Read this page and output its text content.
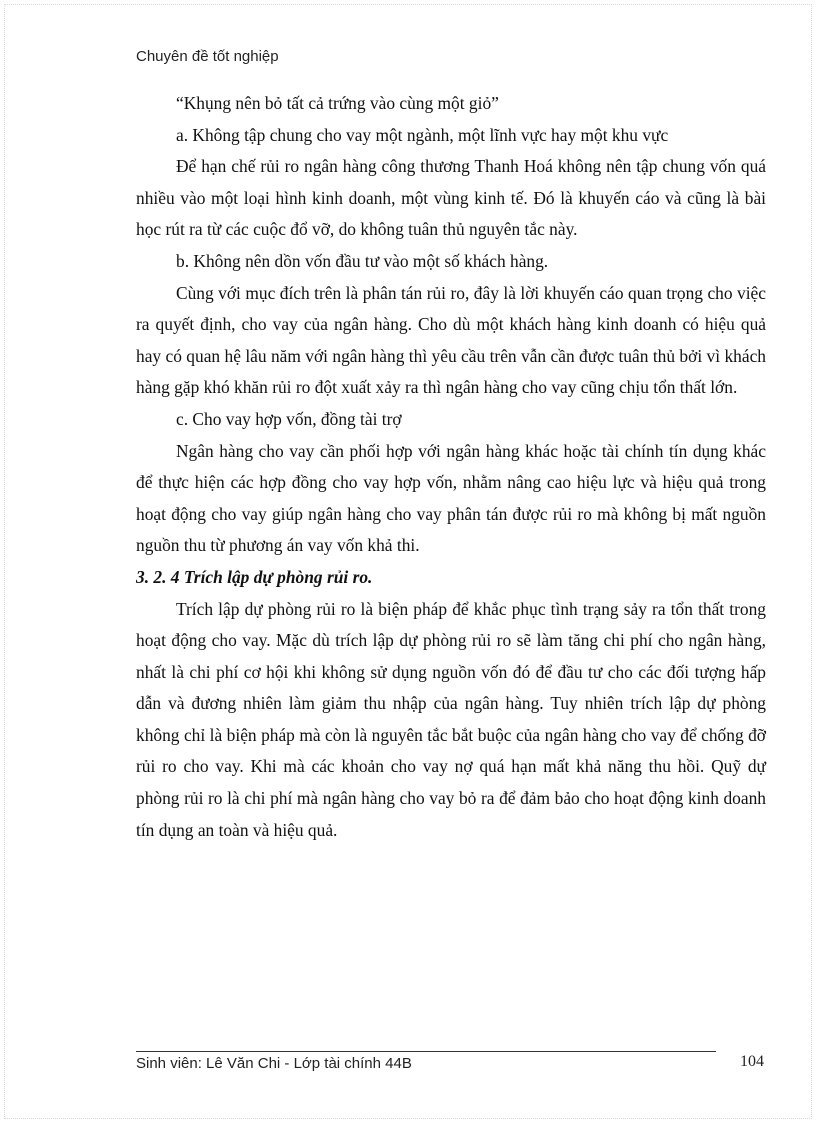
Chuyên đề tốt nghiệp

“Khụng nên bỏ tất cả trứng vào cùng một giỏ”

a. Không tập chung cho vay một ngành, một lĩnh vực hay một khu vực

Để hạn chế rủi ro ngân hàng công thương Thanh Hoá không nên tập chung vốn quá nhiều vào một loại hình kinh doanh, một vùng kinh tế. Đó là khuyến cáo và cũng là bài học rút ra từ các cuộc đổ vỡ, do không tuân thủ nguyên tắc này.

b. Không nên dồn vốn đầu tư vào một số khách hàng.

Cùng với mục đích trên là phân tán rủi ro, đây là lời khuyến cáo quan trọng cho việc ra quyết định, cho vay của ngân hàng. Cho dù một khách hàng kinh doanh có hiệu quả hay có quan hệ lâu năm với ngân hàng thì yêu cầu trên vẫn cần được tuân thủ bởi vì khách hàng gặp khó khăn rủi ro đột xuất xảy ra thì ngân hàng cho vay cũng chịu tổn thất lớn.

c. Cho vay hợp vốn, đồng tài trợ

Ngân hàng cho vay cần phối hợp với ngân hàng khác hoặc tài chính tín dụng khác để thực hiện các hợp đồng cho vay hợp vốn, nhằm nâng cao hiệu lực và hiệu quả trong hoạt động cho vay giúp ngân hàng cho vay phân tán được rủi ro mà không bị mất nguồn nguồn thu từ phương án vay vốn khả thi.

3. 2. 4 Trích lập dự phòng rủi ro.

Trích lập dự phòng rủi ro là biện pháp để khắc phục tình trạng sảy ra tổn thất trong hoạt động cho vay. Mặc dù trích lập dự phòng rủi ro sẽ làm tăng chi phí cho ngân hàng, nhất là chi phí cơ hội khi không sử dụng nguồn vốn đó để đầu tư cho các đối tượng hấp dẫn và đương nhiên làm giảm thu nhập của ngân hàng. Tuy nhiên trích lập dự phòng không chỉ là biện pháp mà còn là nguyên tắc bắt buộc của ngân hàng cho vay để chống đỡ rủi ro cho vay. Khi mà các khoản cho vay nợ quá hạn mất khả năng thu hồi. Quỹ dự phòng rủi ro là chi phí mà ngân hàng cho vay bỏ ra để đảm bảo cho hoạt động kinh doanh tín dụng an toàn và hiệu quả.

Sinh viên: Lê Văn Chi - Lớp tài chính 44B	104
